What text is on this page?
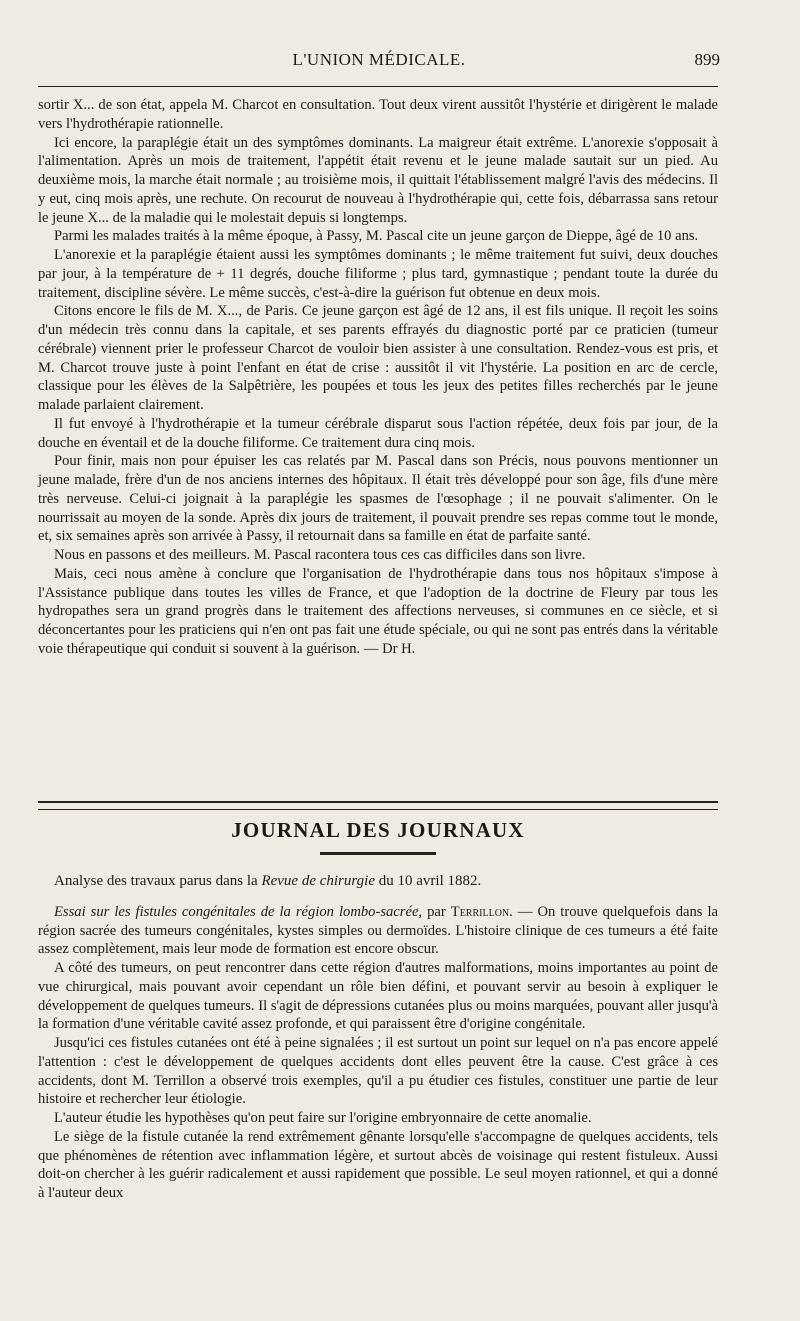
L'UNION MÉDICALE.	899

sortir X... de son état, appela M. Charcot en consultation. Tout deux virent aussitôt l'hystérie et dirigèrent le malade vers l'hydrothérapie rationnelle.

Ici encore, la paraplégie était un des symptômes dominants. La maigreur était extrême. L'anorexie s'opposait à l'alimentation. Après un mois de traitement, l'appétit était revenu et le jeune malade sautait sur un pied. Au deuxième mois, la marche était normale ; au troisième mois, il quittait l'établissement malgré l'avis des médecins. Il y eut, cinq mois après, une rechute. On recourut de nouveau à l'hydrothérapie qui, cette fois, débarrassa sans retour le jeune X... de la maladie qui le molestait depuis si longtemps.

Parmi les malades traités à la même époque, à Passy, M. Pascal cite un jeune garçon de Dieppe, âgé de 10 ans.

L'anorexie et la paraplégie étaient aussi les symptômes dominants ; le même traitement fut suivi, deux douches par jour, à la température de + 11 degrés, douche filiforme ; plus tard, gymnastique ; pendant toute la durée du traitement, discipline sévère. Le même succès, c'est-à-dire la guérison fut obtenue en deux mois.

Citons encore le fils de M. X..., de Paris. Ce jeune garçon est âgé de 12 ans, il est fils unique. Il reçoit les soins d'un médecin très connu dans la capitale, et ses parents effrayés du diagnostic porté par ce praticien (tumeur cérébrale) viennent prier le professeur Charcot de vouloir bien assister à une consultation. Rendez-vous est pris, et M. Charcot trouve juste à point l'enfant en état de crise : aussitôt il vit l'hystérie. La position en arc de cercle, classique pour les élèves de la Salpêtrière, les poupées et tous les jeux des petites filles recherchés par le jeune malade parlaient clairement.

Il fut envoyé à l'hydrothérapie et la tumeur cérébrale disparut sous l'action répétée, deux fois par jour, de la douche en éventail et de la douche filiforme. Ce traitement dura cinq mois.

Pour finir, mais non pour épuiser les cas relatés par M. Pascal dans son Précis, nous pouvons mentionner un jeune malade, frère d'un de nos anciens internes des hôpitaux. Il était très développé pour son âge, fils d'une mère très nerveuse. Celui-ci joignait à la paraplégie les spasmes de l'œsophage ; il ne pouvait s'alimenter. On le nourrissait au moyen de la sonde. Après dix jours de traitement, il pouvait prendre ses repas comme tout le monde, et, six semaines après son arrivée à Passy, il retournait dans sa famille en état de parfaite santé.

Nous en passons et des meilleurs. M. Pascal racontera tous ces cas difficiles dans son livre.

Mais, ceci nous amène à conclure que l'organisation de l'hydrothérapie dans tous nos hôpitaux s'impose à l'Assistance publique dans toutes les villes de France, et que l'adoption de la doctrine de Fleury par tous les hydropathes sera un grand progrès dans le traitement des affections nerveuses, si communes en ce siècle, et si déconcertantes pour les praticiens qui n'en ont pas fait une étude spéciale, ou qui ne sont pas entrés dans la véritable voie thérapeutique qui conduit si souvent à la guérison. — Dr H.

JOURNAL DES JOURNAUX

Analyse des travaux parus dans la Revue de chirurgie du 10 avril 1882.

Essai sur les fistules congénitales de la région lombo-sacrée, par Terrillon. — On trouve quelquefois dans la région sacrée des tumeurs congénitales, kystes simples ou dermoïdes. L'histoire clinique de ces tumeurs a été faite assez complètement, mais leur mode de formation est encore obscur.

A côté des tumeurs, on peut rencontrer dans cette région d'autres malformations, moins importantes au point de vue chirurgical, mais pouvant avoir cependant un rôle bien défini, et pouvant servir au besoin à expliquer le développement de quelques tumeurs. Il s'agit de dépressions cutanées plus ou moins marquées, pouvant aller jusqu'à la formation d'une véritable cavité assez profonde, et qui paraissent être d'origine congénitale.

Jusqu'ici ces fistules cutanées ont été à peine signalées ; il est surtout un point sur lequel on n'a pas encore appelé l'attention : c'est le développement de quelques accidents dont elles peuvent être la cause. C'est grâce à ces accidents, dont M. Terrillon a observé trois exemples, qu'il a pu étudier ces fistules, constituer une partie de leur histoire et rechercher leur étiologie.

L'auteur étudie les hypothèses qu'on peut faire sur l'origine embryonnaire de cette anomalie.

Le siège de la fistule cutanée la rend extrêmement gênante lorsqu'elle s'accompagne de quelques accidents, tels que phénomènes de rétention avec inflammation légère, et surtout abcès de voisinage qui restent fistuleux. Aussi doit-on chercher à les guérir radicalement et aussi rapidement que possible. Le seul moyen rationnel, et qui a donné à l'auteur deux
